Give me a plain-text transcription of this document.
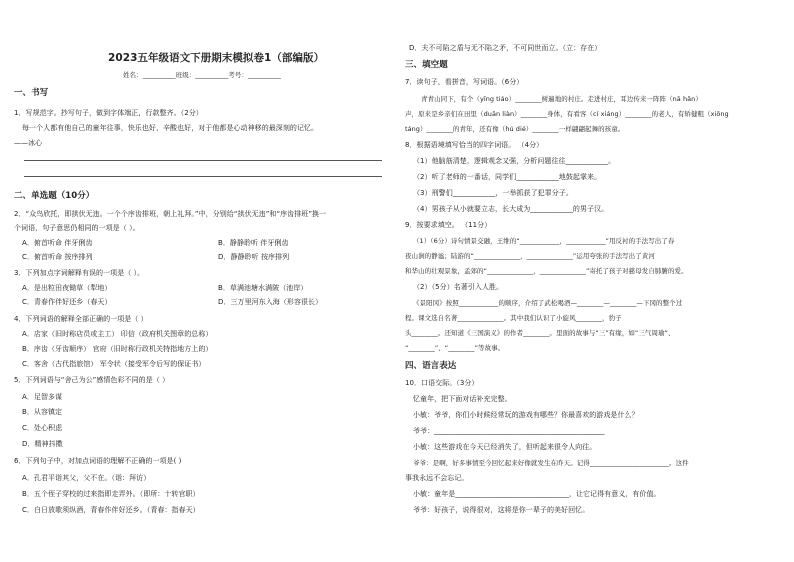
2023五年级语文下册期末模拟卷1（部编版）
姓名：__________班级：__________考号：__________
一、书写
1．写规范字。抄写句子，做到字体端正，行款整齐。（2分）
每一个人都有他自己的童年往事，快乐也好，辛酸也好，对于他都是心动神移的最深刻的记忆。
——冰心
二、单选题（10分）
2．“众鸟欣托，即拱伏无违。一个个序齿排班，朝上礼拜。”中，分别给“拱伏无违”和“序齿排班”换一
个词语，句子意思仍相同的一项是（ ）。
A．俯首听命 伴牙俐齿	B．静静聆听 伴牙俐齿
C．俯首听命 按序排列	D．静静聆听 按序排列
3．下列加点字词解释有误的一项是（ ）。
A．是出粒田夜锄草（犁地）	B．草满池塘水满陂（池岸）
C．青春作伴好还乡（春天）	D．三万里河东入海（形容很长）
4．下列词语的解释全部正确的一项是（ ）
A．店家（旧时称店员或主工） 印信（政府机关图章的总称）
B．序齿（牙齿顺序） 官府（旧时称行政机关特指地方上的）
C．客舍（古代指旅馆） 军令状（接受军令后写的保证书）
5．下列词语与“舍己为公”感情色彩不同的是（ ）
A．足智多谋
B．从容镇定
C．处心积虑
D．精神抖擞
6．下列句子中，对加点词语的理解不正确的一项是( )
A．孔君平诣其父，父不在。（诣：拜访）
B．五个侄子穿校的过来指即走弄外。（即所：十转官职）
C．白日放歌须纵酒，青春作伴好还乡。（青春：指春天）
D．夫不可陷之盾与无不陷之矛，不可同世而立。（立：存在）
三、填空题
7．读句子，看拼音，写词语。（6分）
青青山同下，有个（yīng tiáo）________树遍地的村庄。走进村庄，耳边传来一阵阵（nā hǎn）
声，原来是乡亲们在田里（duān liàn）________身体，有看客（cí xiáng）________的老人，有矫健粗（xiōng
táng）________的青年，还有像（hú dié）________一样翩翩起舞的孩童。
8．根据语境填写恰当的四字词语。 （4分）
（1）他脑筋清楚，逻辑观念又强，分析问题往往____________。
（2）听了老师的一番话，同学们____________地鼓起掌来。
（3）刑警们____________，一举抓获了犯罪分子。
（4）男孩子从小就要立志，长大成为____________的男子汉。
9．按要求填空。 （11分）
（1）（6分）诗句情景交融，王维的“____________，____________”用反衬的手法写出了春
夜山涧的静谧；陆游的“______________，______________”运用夸张的手法写出了黄河
和华山的壮观景象，孟郊的“______________，______________”寄托了孩子对慈母发自肺腑的爱。
（2）（5分）名著引入人胜。
《景阳冈》按照____________的顺序，介绍了武松喝酒—________—________—下冈的整个过
程。课文选自名著______________。其中我们认识了小旋风________，豹子
头________。还知道《三国演义》的作者________。里面的故事与“三”有缘，如“三气周瑜”、
“________”、“________”等故事。
四、语言表达
10．口语交际。（3分）
忆童年，把下面对话补充完整。
小敏：爷爷，你们小时候经常玩的游戏有哪些？你最喜欢的游戏是什么？
爷爷：________________________________________________
小敏：这些游戏在今天已经消失了，但听起来很令人向往。
爷爷：是啊，好多事情至今回忆起来好像就发生在昨天。记得________________________。这件
事我永远不会忘记。
小敏：童年是________________________________，让它记得有意义，有价值。
爷爷：好孩子，说得很对，这将是你一辈子的美好回忆。
